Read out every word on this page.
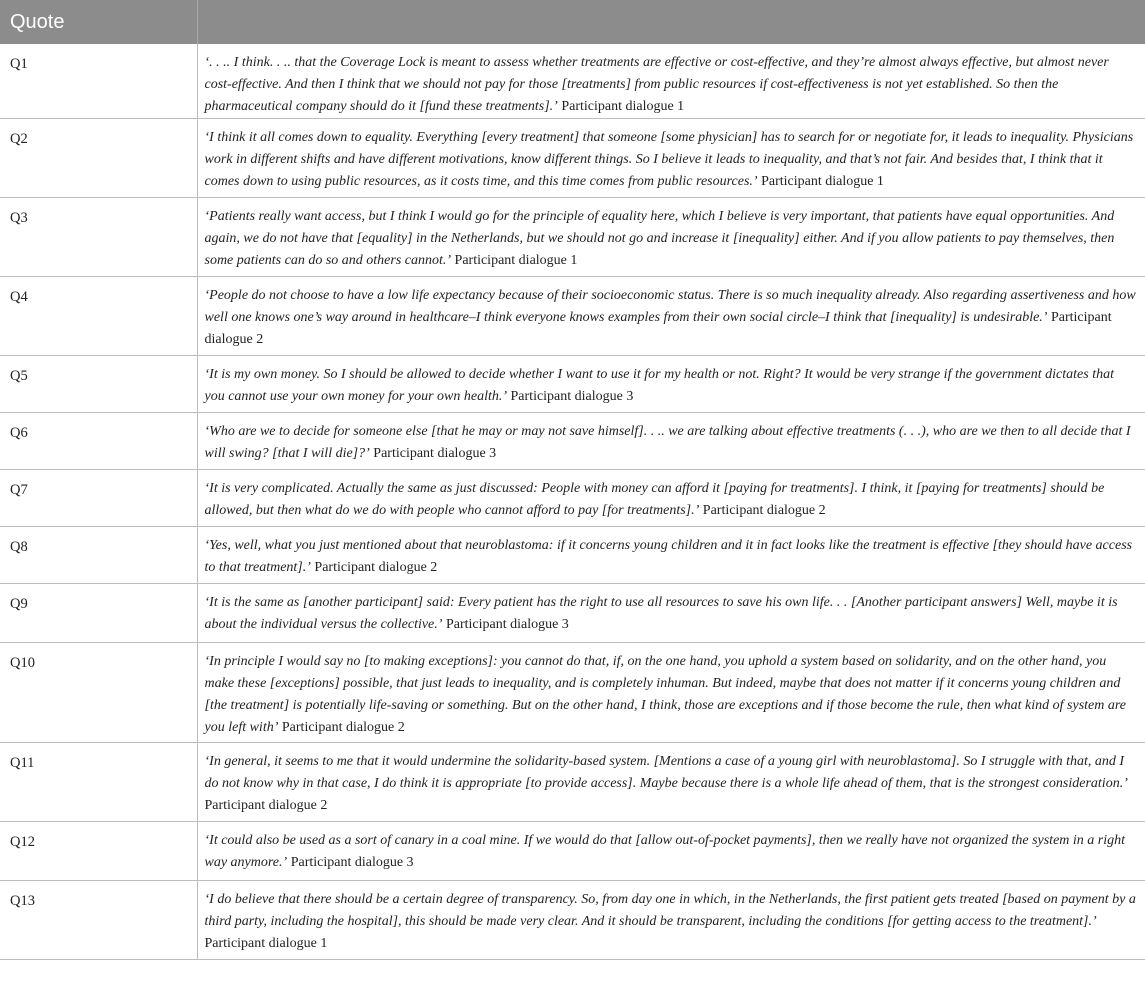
Quote	
Q1	‘. . .. I think. . .. that the Coverage Lock is meant to assess whether treatments are effective or cost-effective, and they’re almost always effective, but almost never cost-effective. And then I think that we should not pay for those [treatments] from public resources if cost-effectiveness is not yet established. So then the pharmaceutical company should do it [fund these treatments].’ Participant dialogue 1
Q2	‘I think it all comes down to equality. Everything [every treatment] that someone [some physician] has to search for or negotiate for, it leads to inequality. Physicians work in different shifts and have different motivations, know different things. So I believe it leads to inequality, and that’s not fair. And besides that, I think that it comes down to using public resources, as it costs time, and this time comes from public resources.’ Participant dialogue 1
Q3	‘Patients really want access, but I think I would go for the principle of equality here, which I believe is very important, that patients have equal opportunities. And again, we do not have that [equality] in the Netherlands, but we should not go and increase it [inequality] either. And if you allow patients to pay themselves, then some patients can do so and others cannot.’ Participant dialogue 1
Q4	‘People do not choose to have a low life expectancy because of their socioeconomic status. There is so much inequality already. Also regarding assertiveness and how well one knows one’s way around in healthcare–I think everyone knows examples from their own social circle–I think that [inequality] is undesirable.’ Participant dialogue 2
Q5	‘It is my own money. So I should be allowed to decide whether I want to use it for my health or not. Right? It would be very strange if the government dictates that you cannot use your own money for your own health.’ Participant dialogue 3
Q6	‘Who are we to decide for someone else [that he may or may not save himself]. . .. we are talking about effective treatments (. . .), who are we then to all decide that I will swing? [that I will die]?’ Participant dialogue 3
Q7	‘It is very complicated. Actually the same as just discussed: People with money can afford it [paying for treatments]. I think, it [paying for treatments] should be allowed, but then what do we do with people who cannot afford to pay [for treatments].’ Participant dialogue 2
Q8	‘Yes, well, what you just mentioned about that neuroblastoma: if it concerns young children and it in fact looks like the treatment is effective [they should have access to that treatment].’ Participant dialogue 2
Q9	‘It is the same as [another participant] said: Every patient has the right to use all resources to save his own life. . . [Another participant answers] Well, maybe it is about the individual versus the collective.’ Participant dialogue 3
Q10	‘In principle I would say no [to making exceptions]: you cannot do that, if, on the one hand, you uphold a system based on solidarity, and on the other hand, you make these [exceptions] possible, that just leads to inequality, and is completely inhuman. But indeed, maybe that does not matter if it concerns young children and [the treatment] is potentially life-saving or something. But on the other hand, I think, those are exceptions and if those become the rule, then what kind of system are you left with’ Participant dialogue 2
Q11	‘In general, it seems to me that it would undermine the solidarity-based system. [Mentions a case of a young girl with neuroblastoma]. So I struggle with that, and I do not know why in that case, I do think it is appropriate [to provide access]. Maybe because there is a whole life ahead of them, that is the strongest consideration.’ Participant dialogue 2
Q12	‘It could also be used as a sort of canary in a coal mine. If we would do that [allow out-of-pocket payments], then we really have not organized the system in a right way anymore.’ Participant dialogue 3
Q13	‘I do believe that there should be a certain degree of transparency. So, from day one in which, in the Netherlands, the first patient gets treated [based on payment by a third party, including the hospital], this should be made very clear. And it should be transparent, including the conditions [for getting access to the treatment].’ Participant dialogue 1
